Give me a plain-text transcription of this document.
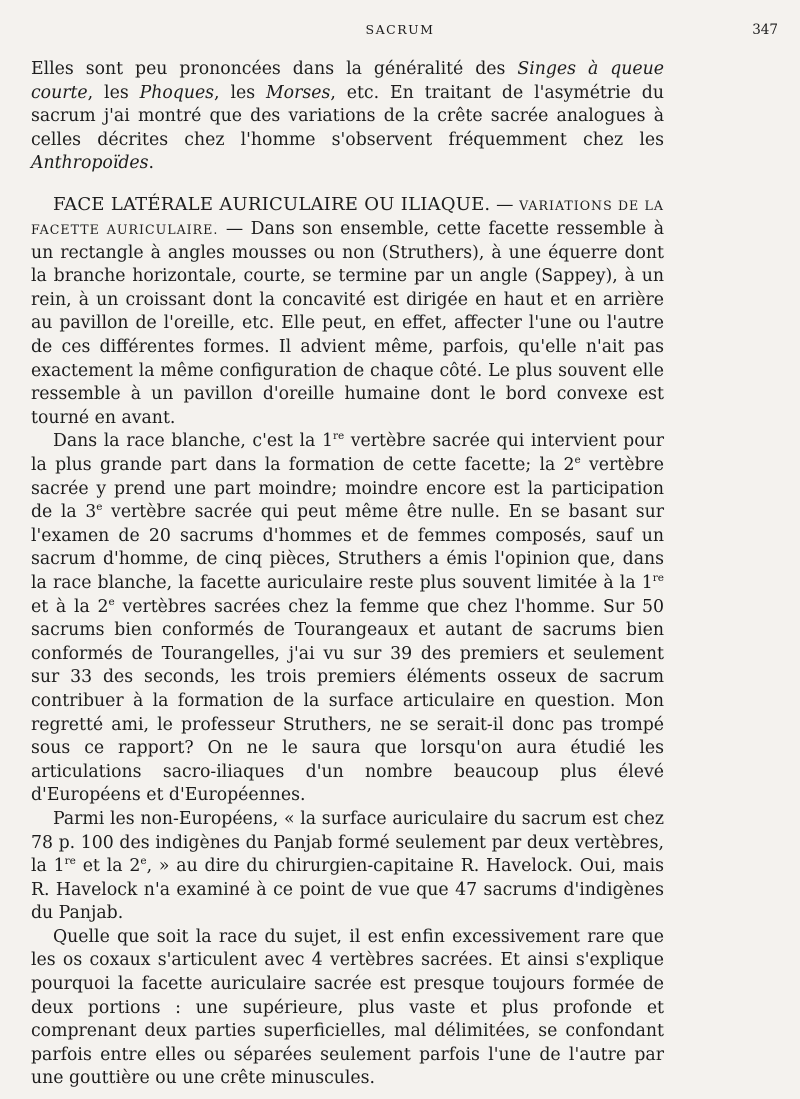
SACRUM	347

Elles sont peu prononcées dans la généralité des Singes à queue courte, les Phoques, les Morses, etc. En traitant de l'asymétrie du sacrum j'ai montré que des variations de la crête sacrée analogues à celles décrites chez l'homme s'observent fréquemment chez les Anthropoïdes.

FACE LATÉRALE AURICULAIRE OU ILIAQUE. — VARIATIONS DE LA FACETTE AURICULAIRE. — Dans son ensemble, cette facette ressemble à un rectangle à angles mousses ou non (Struthers), à une équerre dont la branche horizontale, courte, se termine par un angle (Sappey), à un rein, à un croissant dont la concavité est dirigée en haut et en arrière au pavillon de l'oreille, etc. Elle peut, en effet, affecter l'une ou l'autre de ces différentes formes. Il advient même, parfois, qu'elle n'ait pas exactement la même configuration de chaque côté. Le plus souvent elle ressemble à un pavillon d'oreille humaine dont le bord convexe est tourné en avant.

Dans la race blanche, c'est la 1re vertèbre sacrée qui intervient pour la plus grande part dans la formation de cette facette; la 2e vertèbre sacrée y prend une part moindre; moindre encore est la participation de la 3e vertèbre sacrée qui peut même être nulle. En se basant sur l'examen de 20 sacrums d'hommes et de femmes composés, sauf un sacrum d'homme, de cinq pièces, Struthers a émis l'opinion que, dans la race blanche, la facette auriculaire reste plus souvent limitée à la 1re et à la 2e vertèbres sacrées chez la femme que chez l'homme. Sur 50 sacrums bien conformés de Tourangeaux et autant de sacrums bien conformés de Tourangelles, j'ai vu sur 39 des premiers et seulement sur 33 des seconds, les trois premiers éléments osseux de sacrum contribuer à la formation de la surface articulaire en question. Mon regretté ami, le professeur Struthers, ne se serait-il donc pas trompé sous ce rapport? On ne le saura que lorsqu'on aura étudié les articulations sacro-iliaques d'un nombre beaucoup plus élevé d'Européens et d'Européennes.

Parmi les non-Européens, « la surface auriculaire du sacrum est chez 78 p. 100 des indigènes du Panjab formé seulement par deux vertèbres, la 1re et la 2e, » au dire du chirurgien-capitaine R. Havelock. Oui, mais R. Havelock n'a examiné à ce point de vue que 47 sacrums d'indigènes du Panjab.

Quelle que soit la race du sujet, il est enfin excessivement rare que les os coxaux s'articulent avec 4 vertèbres sacrées. Et ainsi s'explique pourquoi la facette auriculaire sacrée est presque toujours formée de deux portions : une supérieure, plus vaste et plus profonde et comprenant deux parties superficielles, mal délimitées, se confondant parfois entre elles ou séparées seulement parfois l'une de l'autre par une gouttière ou une crête minuscules.
